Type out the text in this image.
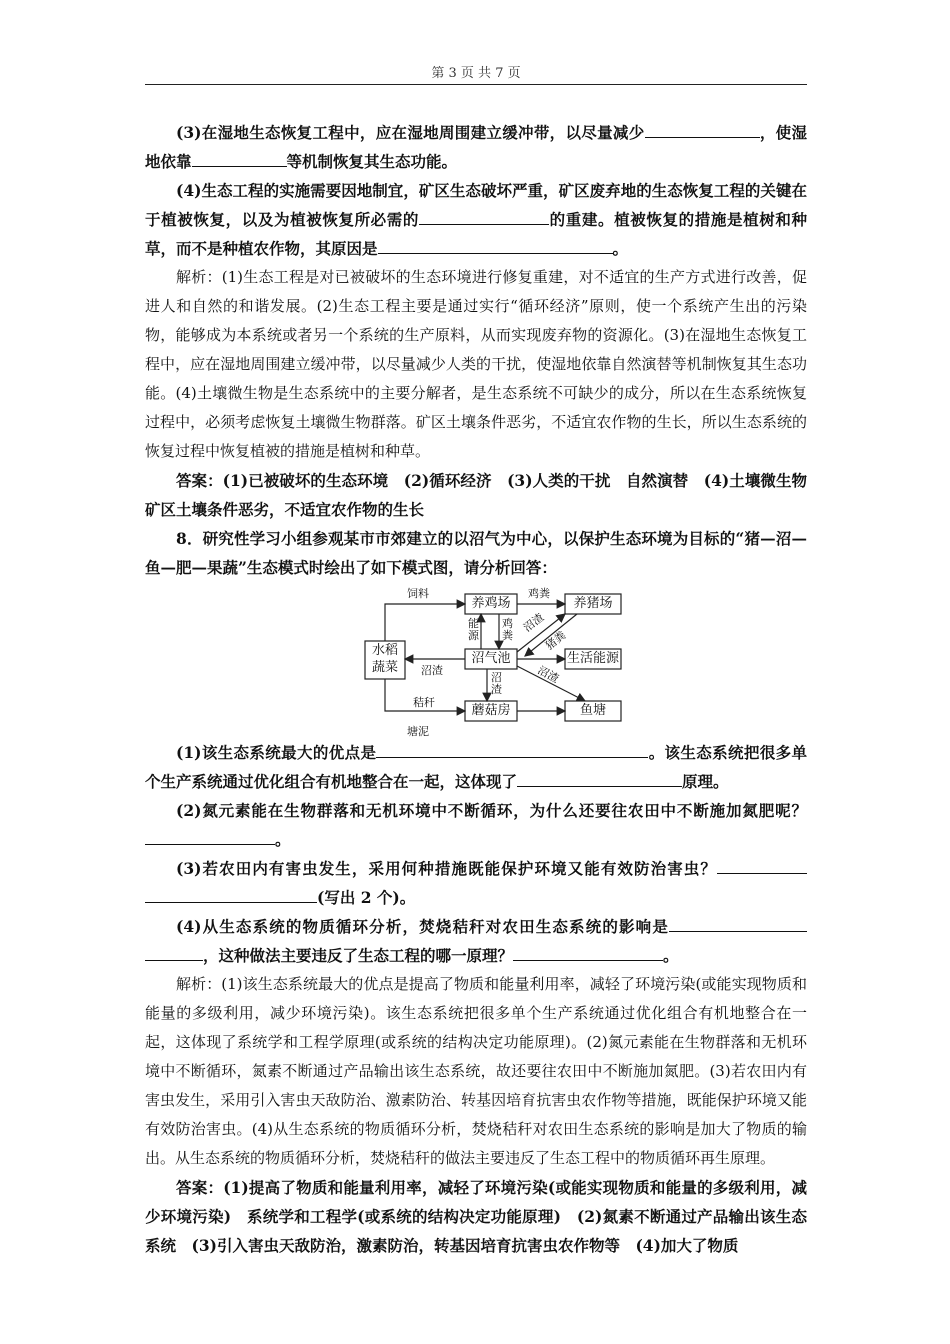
第 3 页 共 7 页

(3)在湿地生态恢复工程中，应在湿地周围建立缓冲带，以尽量减少	，使湿地依靠	等机制恢复其生态功能。

(4)生态工程的实施需要因地制宜，矿区生态破坏严重，矿区废弃地的生态恢复工程的关键在于植被恢复，以及为植被恢复所必需的	的重建。植被恢复的措施是植树和种草，而不是种植农作物，其原因是	。

解析：(1)生态工程是对已被破坏的生态环境进行修复重建，对不适宜的生产方式进行改善，促进人和自然的和谐发展。(2)生态工程主要是通过实行“循环经济”原则，使一个系统产生出的污染物，能够成为本系统或者另一个系统的生产原料，从而实现废弃物的资源化。(3)在湿地生态恢复工程中，应在湿地周围建立缓冲带，以尽量减少人类的干扰，使湿地依靠自然演替等机制恢复其生态功能。(4)土壤微生物是生态系统中的主要分解者，是生态系统不可缺少的成分，所以在生态系统恢复过程中，必须考虑恢复土壤微生物群落。矿区土壤条件恶劣，不适宜农作物的生长，所以生态系统的恢复过程中恢复植被的措施是植树和种草。

答案：(1)已被破坏的生态环境　(2)循环经济　(3)人类的干扰　自然演替　(4)土壤微生物　矿区土壤条件恶劣，不适宜农作物的生长

8．研究性学习小组参观某市市郊建立的以沼气为中心，以保护生态环境为目标的“猪—沼—鱼—肥—果蔬”生态模式时绘出了如下模式图，请分析回答：

水稻蔬菜
养鸡场	养猪场
沼气池	生活能源
蘑菇房	鱼塘
饲料	鸡粪
能源
鸡粪
沼渣
猪粪
沼渣
沼渣
沼渣
秸秆
塘泥

(1)该生态系统最大的优点是	。该生态系统把很多单个生产系统通过优化组合有机地整合在一起，这体现了	原理。

(2)氮元素能在生物群落和无机环境中不断循环，为什么还要往农田中不断施加氮肥呢？。

(3)若农田内有害虫发生，采用何种措施既能保护环境又能有效防治害虫？ (写出 2 个)。

(4)从生态系统的物质循环分析，焚烧秸秆对农田生态系统的影响是 ，这种做法主要违反了生态工程的哪一原理？	。

解析：(1)该生态系统最大的优点是提高了物质和能量利用率，减轻了环境污染(或能实现物质和能量的多级利用，减少环境污染)。该生态系统把很多单个生产系统通过优化组合有机地整合在一起，这体现了系统学和工程学原理(或系统的结构决定功能原理)。(2)氮元素能在生物群落和无机环境中不断循环，氮素不断通过产品输出该生态系统，故还要往农田中不断施加氮肥。(3)若农田内有害虫发生，采用引入害虫天敌防治、激素防治、转基因培育抗害虫农作物等措施，既能保护环境又能有效防治害虫。(4)从生态系统的物质循环分析，焚烧秸秆对农田生态系统的影响是加大了物质的输出。从生态系统的物质循环分析，焚烧秸秆的做法主要违反了生态工程中的物质循环再生原理。

答案：(1)提高了物质和能量利用率，减轻了环境污染(或能实现物质和能量的多级利用，减少环境污染)　系统学和工程学(或系统的结构决定功能原理)　(2)氮素不断通过产品输出该生态系统　(3)引入害虫天敌防治，激素防治，转基因培育抗害虫农作物等　(4)加大了物质
